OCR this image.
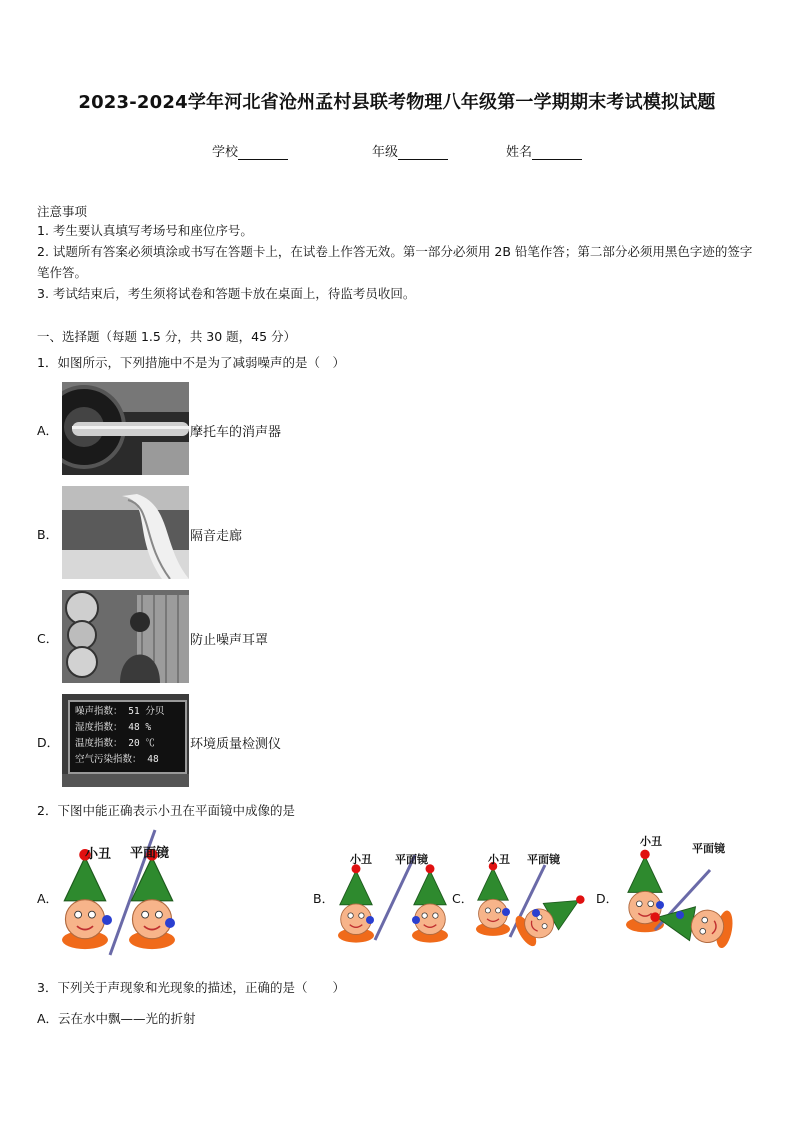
2023-2024学年河北省沧州孟村县联考物理八年级第一学期期末考试模拟试题
学校	年级	姓名
注意事项
1. 考生要认真填写考场号和座位序号。
2. 试题所有答案必须填涂或书写在答题卡上，在试卷上作答无效。第一部分必须用 2B 铅笔作答；第二部分必须用黑色字迹的签字笔作答。
3. 考试结束后，考生须将试卷和答题卡放在桌面上，待监考员收回。
一、选择题（每题 1.5 分，共 30 题，45 分）
1．如图所示，下列措施中不是为了减弱噪声的是（　）
A．	摩托车的消声器
B．	隔音走廊
C．	防止噪声耳罩
D．
噪声指数： 51 分贝
湿度指数： 48 %
温度指数： 20 ℃
空气污染指数： 48
环境质量检测仪
2．下图中能正确表示小丑在平面镜中成像的是
小丑 平面镜	小丑 平面镜	小丑 平面镜
小丑
平面镜
A．	B．	C．	D．
3．下列关于声现象和光现象的描述，正确的是（　　）
A．云在水中飘——光的折射
